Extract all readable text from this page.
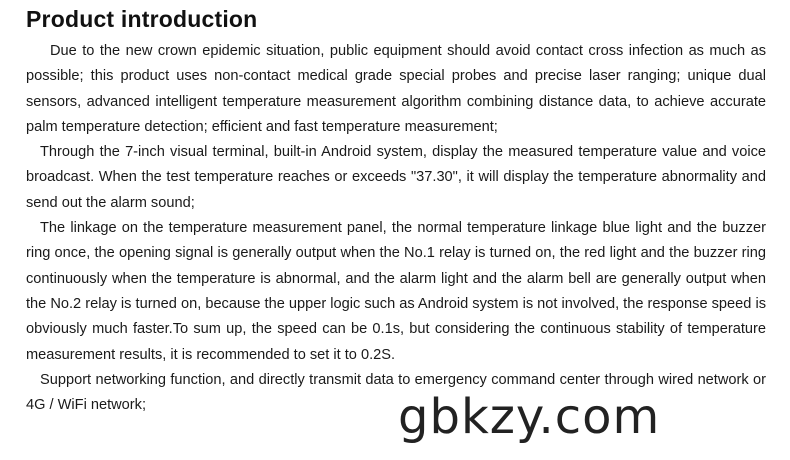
Product introduction

Due to the new crown epidemic situation, public equipment should avoid contact cross infection as much as possible; this product uses non-contact medical grade special probes and precise laser ranging; unique dual sensors, advanced intelligent temperature measurement algorithm combining distance data, to achieve accurate palm temperature detection; efficient and fast temperature measurement;

Through the 7-inch visual terminal, built-in Android system, display the measured temperature value and voice broadcast. When the test temperature reaches or exceeds "37.30", it will display the temperature abnormality and send out the alarm sound;

The linkage on the temperature measurement panel, the normal temperature linkage blue light and the buzzer ring once, the opening signal is generally output when the No.1 relay is turned on, the red light and the buzzer ring continuously when the temperature is abnormal, and the alarm light and the alarm bell are generally output when the No.2 relay is turned on, because the upper logic such as Android system is not involved, the response speed is obviously much faster.To sum up, the speed can be 0.1s, but considering the continuous stability of temperature measurement results, it is recommended to set it to 0.2S.

Support networking function, and directly transmit data to emergency command center through wired network or 4G / WiFi network;	gbkzy.com
